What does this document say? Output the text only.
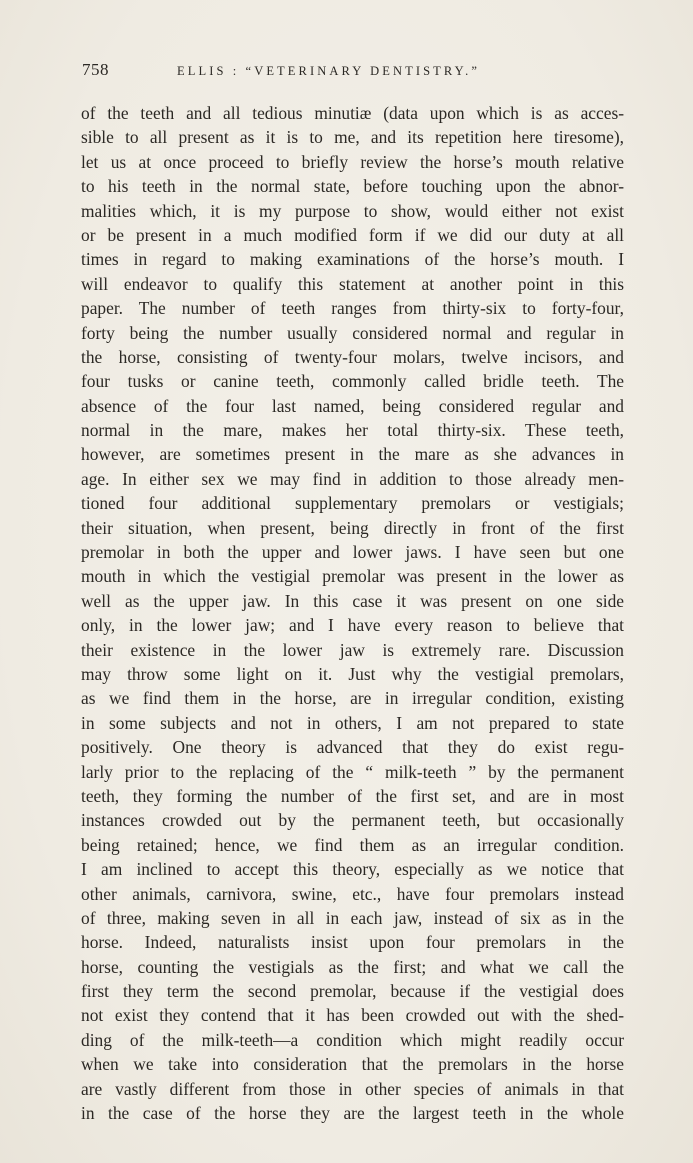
758	ELLIS : “VETERINARY DENTISTRY.”
of the teeth and all tedious minutiæ (data upon which is as acces-
sible to all present as it is to me, and its repetition here tiresome),
let us at once proceed to briefly review the horse’s mouth relative
to his teeth in the normal state, before touching upon the abnor-
malities which, it is my purpose to show, would either not exist
or be present in a much modified form if we did our duty at all
times in regard to making examinations of the horse’s mouth. I
will endeavor to qualify this statement at another point in this
paper. The number of teeth ranges from thirty-six to forty-four,
forty being the number usually considered normal and regular in
the horse, consisting of twenty-four molars, twelve incisors, and
four tusks or canine teeth, commonly called bridle teeth. The
absence of the four last named, being considered regular and
normal in the mare, makes her total thirty-six. These teeth,
however, are sometimes present in the mare as she advances in
age. In either sex we may find in addition to those already men-
tioned four additional supplementary premolars or vestigials;
their situation, when present, being directly in front of the first
premolar in both the upper and lower jaws. I have seen but one
mouth in which the vestigial premolar was present in the lower as
well as the upper jaw. In this case it was present on one side
only, in the lower jaw; and I have every reason to believe that
their existence in the lower jaw is extremely rare. Discussion
may throw some light on it. Just why the vestigial premolars,
as we find them in the horse, are in irregular condition, existing
in some subjects and not in others, I am not prepared to state
positively. One theory is advanced that they do exist regu-
larly prior to the replacing of the “ milk-teeth ” by the permanent
teeth, they forming the number of the first set, and are in most
instances crowded out by the permanent teeth, but occasionally
being retained; hence, we find them as an irregular condition.
I am inclined to accept this theory, especially as we notice that
other animals, carnivora, swine, etc., have four premolars instead
of three, making seven in all in each jaw, instead of six as in the
horse. Indeed, naturalists insist upon four premolars in the
horse, counting the vestigials as the first; and what we call the
first they term the second premolar, because if the vestigial does
not exist they contend that it has been crowded out with the shed-
ding of the milk-teeth—a condition which might readily occur
when we take into consideration that the premolars in the horse
are vastly different from those in other species of animals in that
in the case of the horse they are the largest teeth in the whole
